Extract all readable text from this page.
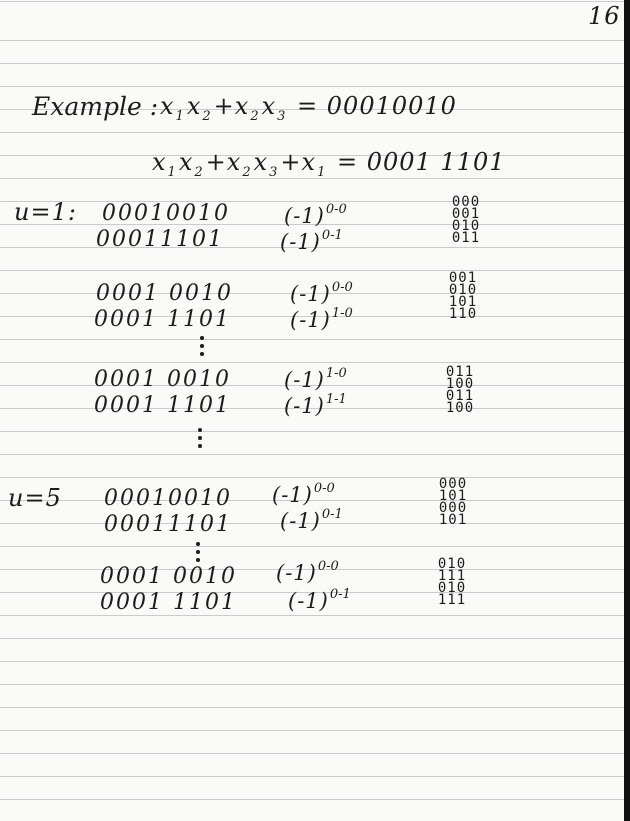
16
Example : $x_1x_2+x_2x_3 = 00010010$
$x_1x_2+x_2x_3+x_1 = 0001$ 1101
u=1:
u=5
00010010
00011101
$(-1)^{0-0}$
$(-1)^{0-1}$
000
001
010
011
0001 0010
0001 1101
$(-1)^{0-0}$
$(-1)^{1-0}$
001
010
101
110
0001 0010
0001 1101
$(-1)^{1-0}$
$(-1)^{1-1}$
011
100
011
100
00010010
00011101
$(-1)^{0-0}$
$(-1)^{0-1}$
000
101
000
101
0001 0010
0001 1101
$(-1)^{0-0}$
$(-1)^{0-1}$
010
111
010
111
